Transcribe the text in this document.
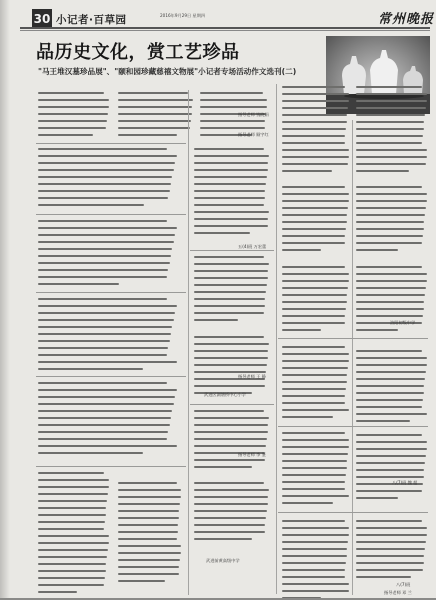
30 小记者·百草园	2016年9月29日 星期四	常州晚报
品历史文化，赏工艺珍品
"马王堆汉墓珍品展"、"颐和园珍藏慈禧文物展"小记者专场活动作文选刊(二)
指导老师 钱晓娟
指导老师 顾宇红
五(4)班 万宏蕾
洛阳初级中学
指导老师 王 静
武进区湖塘桥中心小学
指导老师 李 鉴
八(7)班 魏 超
武进前黄高级中学
八(7)班
指导老师 邓 兰
